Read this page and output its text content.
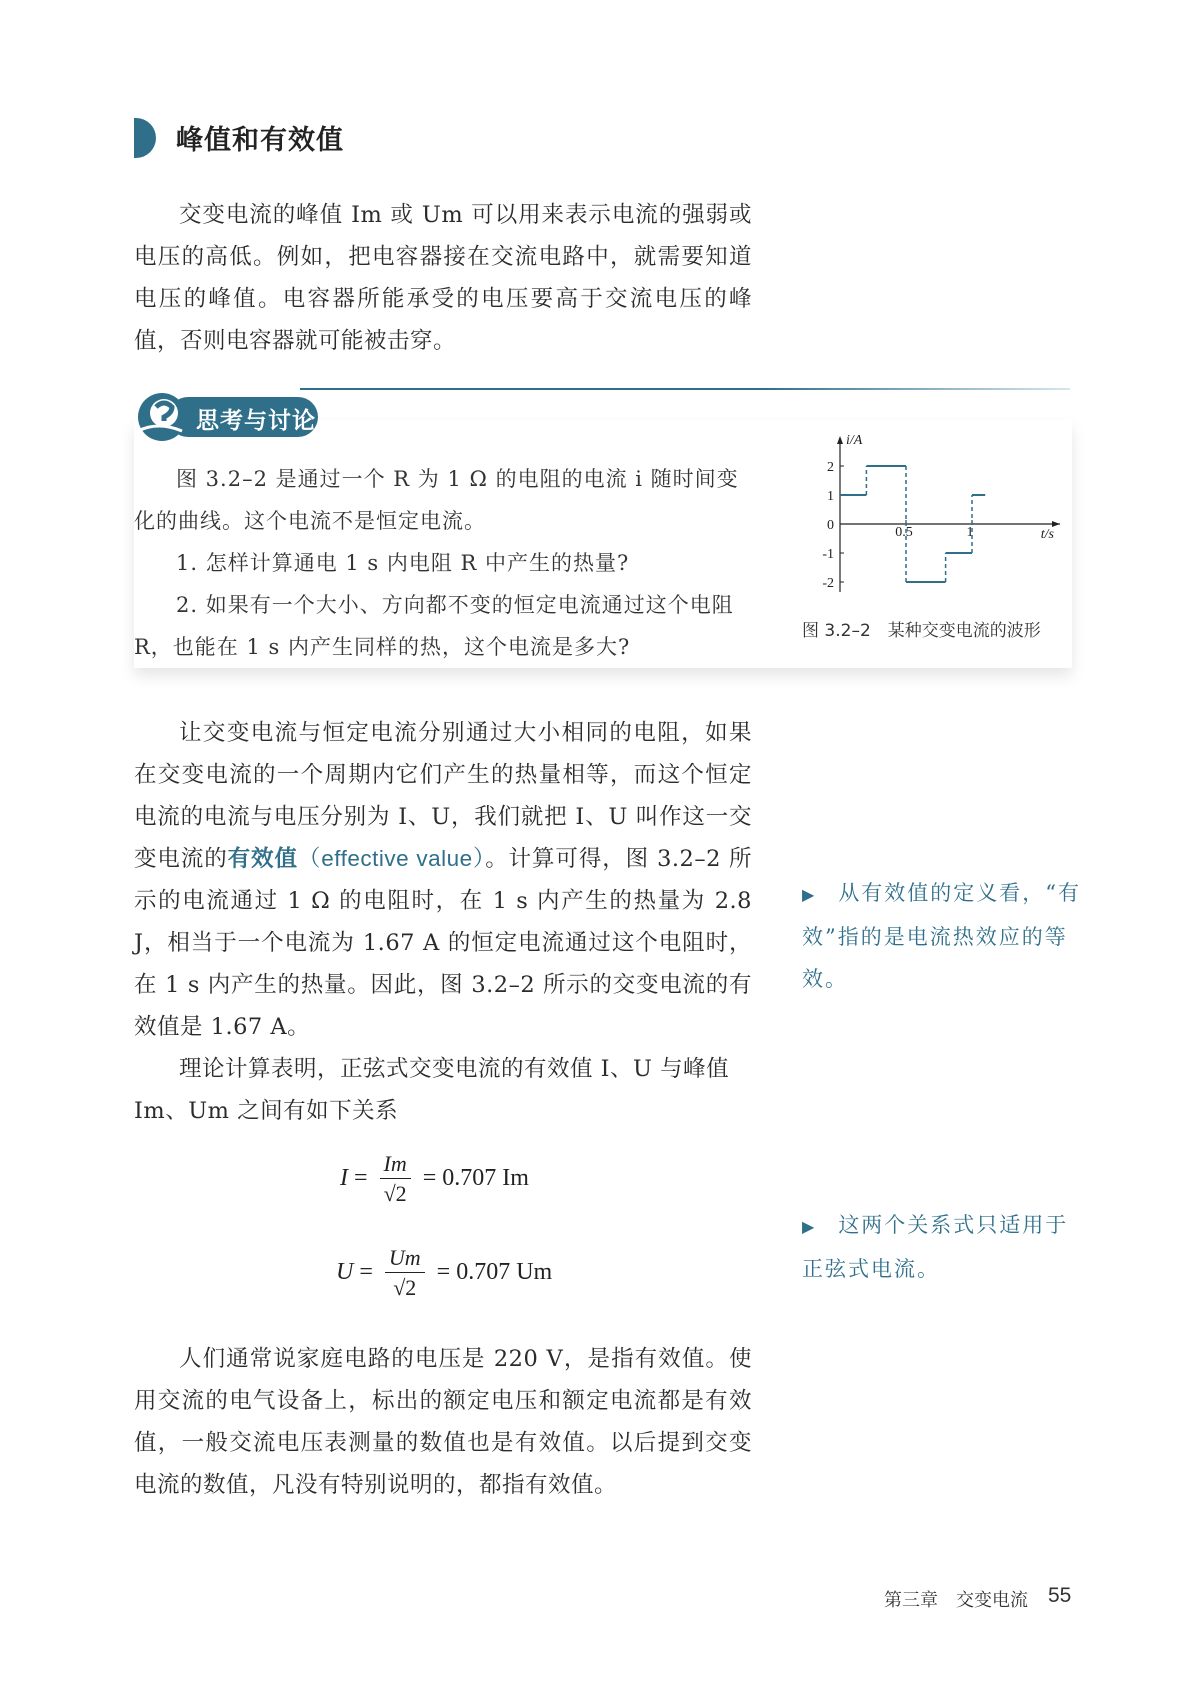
峰值和有效值

交变电流的峰值 Im 或 Um 可以用来表示电流的强弱或电压的高低。例如，把电容器接在交流电路中，就需要知道电压的峰值。电容器所能承受的电压要高于交流电压的峰值，否则电容器就可能被击穿。

思考与讨论

图 3.2–2 是通过一个 R 为 1 Ω 的电阻的电流 i 随时间变化的曲线。这个电流不是恒定电流。

1. 怎样计算通电 1 s 内电阻 R 中产生的热量?

2. 如果有一个大小、方向都不变的恒定电流通过这个电阻R，也能在 1 s 内产生同样的热，这个电流是多大?

2
1
0
-1
-2
0.5	1	t/s
i/A
图 3.2–2　某种交变电流的波形

让交变电流与恒定电流分别通过大小相同的电阻，如果在交变电流的一个周期内它们产生的热量相等，而这个恒定电流的电流与电压分别为 I、U，我们就把 I、U 叫作这一交变电流的有效值（effective value）。计算可得，图 3.2–2 所示的电流通过 1 Ω 的电阻时，在 1 s 内产生的热量为 2.8 J，相当于一个电流为 1.67 A 的恒定电流通过这个电阻时，在 1 s 内产生的热量。因此，图 3.2–2 所示的交变电流的有效值是 1.67 A。

理论计算表明，正弦式交变电流的有效值 I、U 与峰值

Im、Um 之间有如下关系

$I = \frac{Im}{√2} = 0.707$ Im
$U = \frac{Um}{√2} = 0.707$ Um

人们通常说家庭电路的电压是 220 V，是指有效值。使用交流的电气设备上，标出的额定电压和额定电流都是有效值，一般交流电压表测量的数值也是有效值。以后提到交变电流的数值，凡没有特别说明的，都指有效值。

▶ 从有效值的定义看，“有效”指的是电流热效应的等效。

▶ 这两个关系式只适用于正弦式电流。

第三章　交变电流 55
